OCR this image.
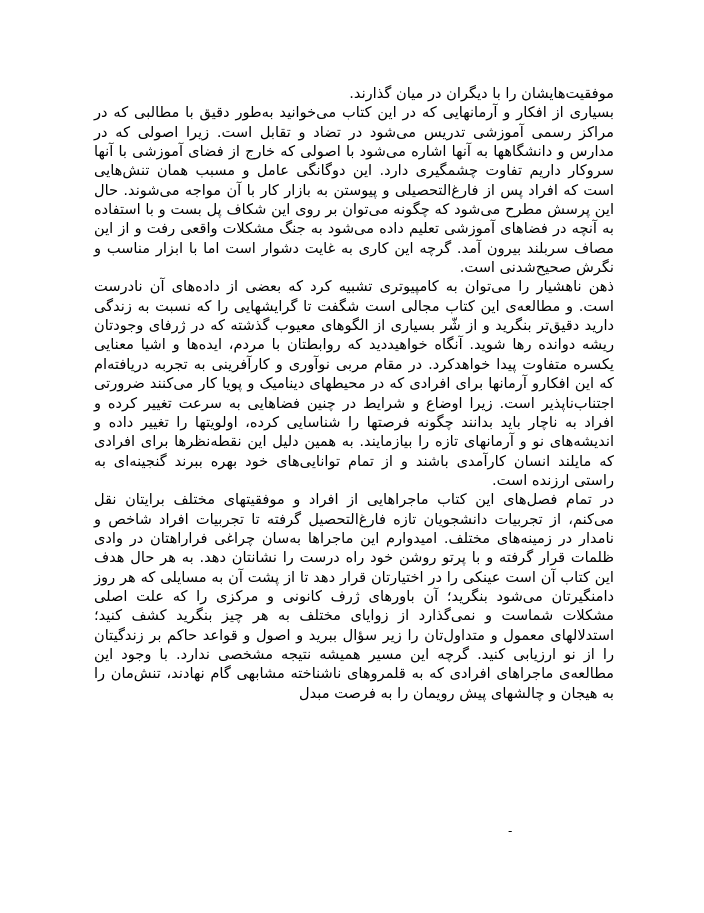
موفقیت‌هایشان را با دیگران در میان گذارند.

بسیاری از افکار و آرمانهایی که در این کتاب می‌خوانید به‌طور دقیق با مطالبی که در مراکز رسمی آموزشی تدریس می‌شود در تضاد و تقابل است. زیرا اصولی که در مدارس و دانشگاهها به آنها اشاره می‌شود با اصولی که خارج از فضای آموزشی با آنها سروکار داریم تفاوت چشمگیری دارد. این دوگانگی عامل و مسبب همان تنش‌هایی است که افراد پس از فارغ‌التحصیلی و پیوستن به بازار کار با آن مواجه می‌شوند. حال این پرسش مطرح می‌شود که چگونه می‌توان بر روی این شکاف پل بست و با استفاده به آنچه در فضاهای آموزشی تعلیم داده می‌شود به جنگ مشکلات واقعی رفت و از این مصاف سربلند بیرون آمد. گرچه این کاری به غایت دشوار است اما با ابزار مناسب و نگرش صحیح‌شدنی است.

ذهن ناهشیار را می‌توان به کامپیوتری تشبیه کرد که بعضی از داده‌های آن نادرست است. و مطالعه‌ی این کتاب مجالی است شگفت تا گرایشهایی را که نسبت به زندگی دارید دقیق‌تر بنگرید و از شّر بسیاری از الگوهای معیوب گذشته که در ژرفای وجودتان ریشه دوانده رها شوید. آنگاه خواهیددید که روابطتان با مردم، ایده‌ها و اشیا معنایی یکسره متفاوت پیدا خواهدکرد. در مقام مربی نوآوری و کارآفرینی به تجربه دریافته‌ام که این افکارو آرمانها برای افرادی که در محیطهای دینامیک و پویا کار می‌کنند ضرورتی اجتناب‌ناپذیر است. زیرا اوضاع و شرایط در چنین فضاهایی به سرعت تغییر کرده و افراد به ناچار باید بدانند چگونه فرصتها را شناسایی کرده، اولویتها را تغییر داده و اندیشه‌های نو و آرمانهای تازه را بیازمایند. به همین دلیل این نقطه‌نظرها برای افرادی که مایلند انسان کارآمدی باشند و از تمام توانایی‌های خود بهره ببرند گنجینه‌ای به راستی ارزنده است.

در تمام فصل‌های این کتاب ماجراهایی از افراد و موفقیتهای مختلف برایتان نقل می‌کنم، از تجربیات دانشجویان تازه فارغ‌التحصیل گرفته تا تجربیات افراد شاخص و نامدار در زمینه‌های مختلف. امیدوارم این ماجراها به‌سان چراغی فراراهتان در وادی ظلمات قرار گرفته و با پرتو روشن خود راه درست را نشانتان دهد. به هر حال هدف این کتاب آن است عینکی را در اختیارتان قرار دهد تا از پشت آن به مسایلی که هر روز دامنگیرتان می‌شود بنگرید؛ آن باورهای ژرف کانونی و مرکزی را که علت اصلی مشکلات شماست و نمی‌گذارد از زوایای مختلف به هر چیز بنگرید کشف کنید؛ استدلالهای معمول و متداول‌تان را زیر سؤال ببرید و اصول و قواعد حاکم بر زندگیتان را از نو ارزیابی کنید. گرچه این مسیر همیشه نتیجه مشخصی ندارد. با وجود این مطالعه‌ی ماجراهای افرادی که به قلمروهای ناشناخته مشابهی گام نهادند، تنش‌مان را به هیجان و چالشهای پیش رویمان را به فرصت مبدل

-
